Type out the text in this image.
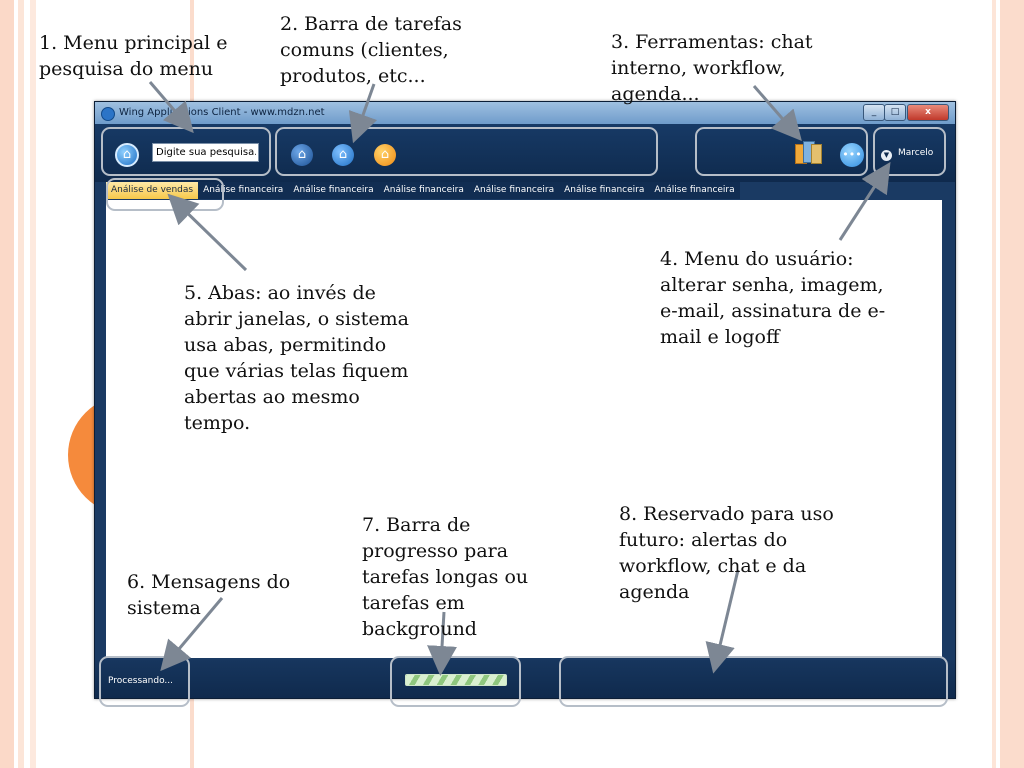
Wing Applications Client - www.mdzn.net	_	□	x
⌂
Digite sua pesquisa...	⌂	⌂	⌂	•••	▼ Marcelo
Análise de vendas	Análise financeira	Análise financeira	Análise financeira	Análise financeira	Análise financeira	Análise financeira
Processando...
1. Menu principal e
pesquisa do menu
2. Barra de tarefas
comuns (clientes,
produtos, etc...
3. Ferramentas: chat
interno, workflow,
agenda...
4. Menu do usuário:
alterar senha, imagem,
e-mail, assinatura de e-
mail e logoff
5. Abas: ao invés de
abrir janelas, o sistema
usa abas, permitindo
que várias telas fiquem
abertas ao mesmo
tempo.
6. Mensagens do
sistema
7. Barra de
progresso para
tarefas longas ou
tarefas em
background
8. Reservado para uso
futuro: alertas do
workflow, chat e da
agenda
